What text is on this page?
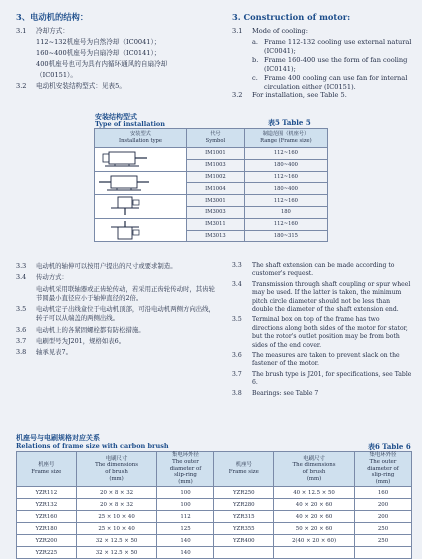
3、电动机的结构：
3.1	冷却方式：
112~132机座号为自然冷却（IC0041）；
160~400机座号为自扇冷却（IC0141）；
400机座号也可为具有内循环通风的自扇冷却
（IC0151）。
3.2	电动机安装结构型式：见表5。
3. Construction of motor:
3.1	Mode of cooling:
a. Frame 112-132 cooling use external natural (IC0041);
b. Frame 160-400 use the form of fan cooling (IC0141);
c. Frame 400 cooling can use fan for internal circulation either (IC0151).
3.2	For installation, see Table 5.
安装结构型式
Type of installation	表5 Table 5
安装型式
Installation type	代号
Symbol	制造范围（机座号）
Range (Frame size)

	IM1001	112~160
	IM1003	180~400

	IM1002	112~160
	IM1004	180~400

	IM3001	112~160
	IM3003	180

	IM3011	112~160
	IM3013	180~315
3.3	电动机的轴伸可以按用户提出的尺寸或要求制造。
3.4	传动方式：
电动机采用联轴器或正齿轮传动，若采用正齿轮传动时，其齿轮节圆最小直径应小于轴伸直径的2倍。
3.5	电动机定子出线盒位于电动机顶部，可沿电动机两侧方向出线，转子可以从端盖的两侧出线。
3.6	电动机上的各紧固螺栓都有防松措施。
3.7	电刷型号为J201，规格如表6。
3.8	轴承见表7。
3.3	The shaft extension can be made according to customer's request.
3.4	Transmission through shaft coupling or spur wheel may be used. If the latter is taken, the minimum pitch circle diameter should not be less than double the diameter of the shaft extension end.
3.5	Terminal box on top of the frame has two directions along both sides of the motor for stator, but the rotor's outlet position may be from both sides of the end cover.
3.6	The measures are taken to prevent slack on the fastener of the motor.
3.7	The brush type is J201, for specifications, see Table 6.
3.8	Bearings: see Table 7
机座号与电刷规格对应关系
Relations of frame size with carbon brush	表6 Table 6
机座号
Frame size	电刷尺寸
The dimensions
of brush
(mm)	集电环外径
The outer
diameter of
slip-ring
(mm)	机座号
Frame size	电刷尺寸
The dimensions
of brush
(mm)	集电环外径
The outer
diameter of
slip-ring
(mm)
YZR112	20 × 8 × 32	100	YZR250	40 × 12.5 × 50	160
YZR132	20 × 8 × 32	100	YZR280	40 × 20 × 60	200
YZR160	25 × 10 × 40	112	YZR315	40 × 20 × 60	200
YZR180	25 × 10 × 40	125	YZR355	50 × 20 × 60	250
YZR200	32 × 12.5 × 50	140	YZR400	2(40 × 20 × 60)	250
YZR225	32 × 12.5 × 50	140			
